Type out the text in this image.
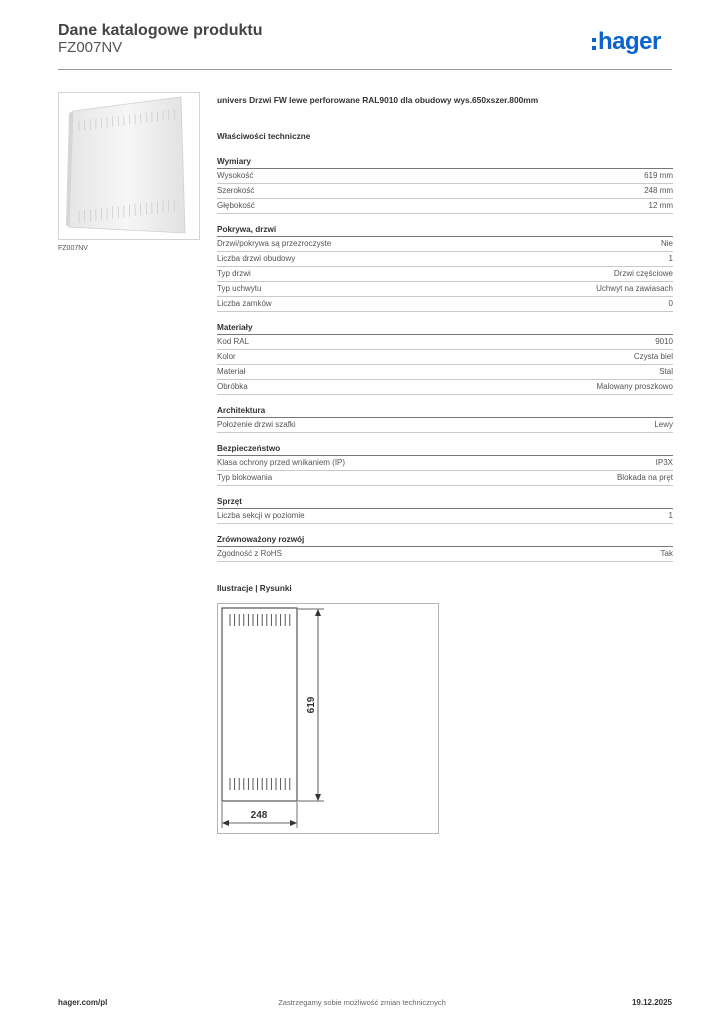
Dane katalogowe produktu
FZ007NV	hager
FZ007NV
univers Drzwi FW lewe perforowane RAL9010 dla obudowy wys.650xszer.800mm
Właściwości techniczne
Wymiary
Wysokość	619 mm
Szerokość	248 mm
Głębokość	12 mm
Pokrywa, drzwi
Drzwi/pokrywa są przezroczyste	Nie
Liczba drzwi obudowy	1
Typ drzwi	Drzwi częściowe
Typ uchwytu	Uchwyt na zawiasach
Liczba zamków	0
Materiały
Kod RAL	9010
Kolor	Czysta biel
Materiał	Stal
Obróbka	Malowany proszkowo
Architektura
Położenie drzwi szafki	Lewy
Bezpieczeństwo
Klasa ochrony przed wnikaniem (IP)	IP3X
Typ blokowania	Blokada na pręt
Sprzęt
Liczba sekcji w poziomie	1
Zrównoważony rozwój
Zgodność z RoHS	Tak
Ilustracje | Rysunki
619
248
hager.com/pl	Zastrzegamy sobie możliwość zmian technicznych	19.12.2025
